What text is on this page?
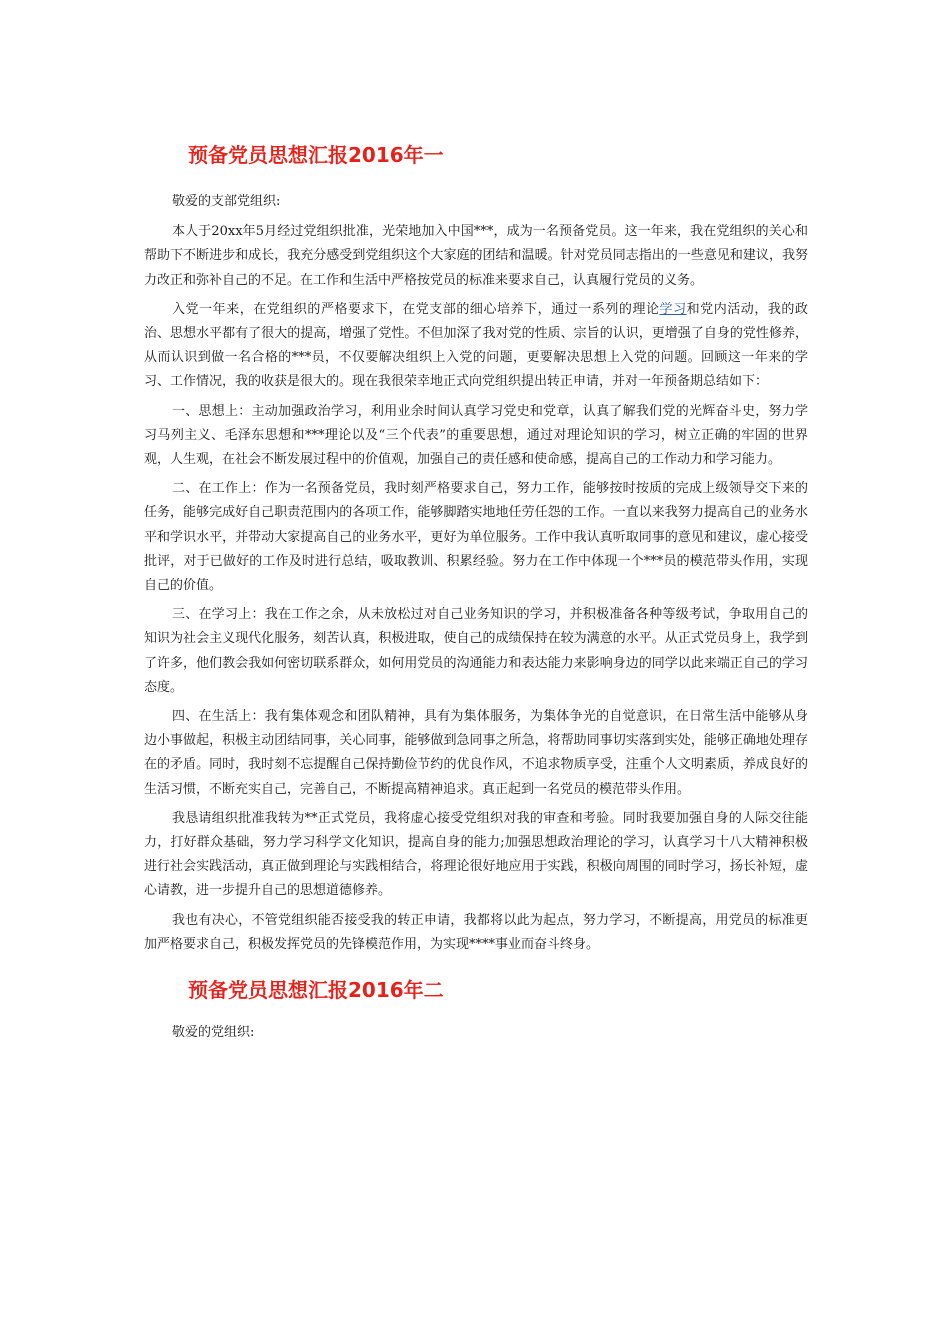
预备党员思想汇报2016年一

敬爱的支部党组织:

本人于20xx年5月经过党组织批准，光荣地加入中国***，成为一名预备党员。这一年来，我在党组织的关心和帮助下不断进步和成长，我充分感受到党组织这个大家庭的团结和温暖。针对党员同志指出的一些意见和建议，我努力改正和弥补自己的不足。在工作和生活中严格按党员的标准来要求自己，认真履行党员的义务。

入党一年来，在党组织的严格要求下，在党支部的细心培养下，通过一系列的理论学习和党内活动，我的政治、思想水平都有了很大的提高，增强了党性。不但加深了我对党的性质、宗旨的认识，更增强了自身的党性修养，从而认识到做一名合格的***员，不仅要解决组织上入党的问题，更要解决思想上入党的问题。回顾这一年来的学习、工作情况，我的收获是很大的。现在我很荣幸地正式向党组织提出转正申请，并对一年预备期总结如下：

一、思想上：主动加强政治学习，利用业余时间认真学习党史和党章，认真了解我们党的光辉奋斗史，努力学习马列主义、毛泽东思想和***理论以及“三个代表”的重要思想，通过对理论知识的学习，树立正确的牢固的世界观，人生观，在社会不断发展过程中的价值观，加强自己的责任感和使命感，提高自己的工作动力和学习能力。

二、在工作上：作为一名预备党员，我时刻严格要求自己，努力工作，能够按时按质的完成上级领导交下来的任务，能够完成好自己职责范围内的各项工作，能够脚踏实地地任劳任怨的工作。一直以来我努力提高自己的业务水平和学识水平，并带动大家提高自己的业务水平，更好为单位服务。工作中我认真听取同事的意见和建议，虚心接受批评，对于已做好的工作及时进行总结，吸取教训、积累经验。努力在工作中体现一个***员的模范带头作用，实现自己的价值。

三、在学习上：我在工作之余，从未放松过对自己业务知识的学习，并积极准备各种等级考试，争取用自己的知识为社会主义现代化服务，刻苦认真，积极进取，使自己的成绩保持在较为满意的水平。从正式党员身上，我学到了许多，他们教会我如何密切联系群众，如何用党员的沟通能力和表达能力来影响身边的同学以此来端正自己的学习态度。

四、在生活上：我有集体观念和团队精神，具有为集体服务，为集体争光的自觉意识，在日常生活中能够从身边小事做起，积极主动团结同事，关心同事，能够做到急同事之所急，将帮助同事切实落到实处，能够正确地处理存在的矛盾。同时，我时刻不忘提醒自己保持勤俭节约的优良作风，不追求物质享受，注重个人文明素质，养成良好的生活习惯，不断充实自己，完善自己，不断提高精神追求。真正起到一名党员的模范带头作用。

我恳请组织批准我转为**正式党员，我将虚心接受党组织对我的审查和考验。同时我要加强自身的人际交往能力，打好群众基础，努力学习科学文化知识，提高自身的能力;加强思想政治理论的学习，认真学习十八大精神积极进行社会实践活动，真正做到理论与实践相结合，将理论很好地应用于实践，积极向周围的同时学习，扬长补短，虚心请教，进一步提升自己的思想道德修养。

我也有决心，不管党组织能否接受我的转正申请，我都将以此为起点，努力学习，不断提高，用党员的标准更加严格要求自己，积极发挥党员的先锋模范作用，为实现****事业而奋斗终身。

预备党员思想汇报2016年二

敬爱的党组织:
